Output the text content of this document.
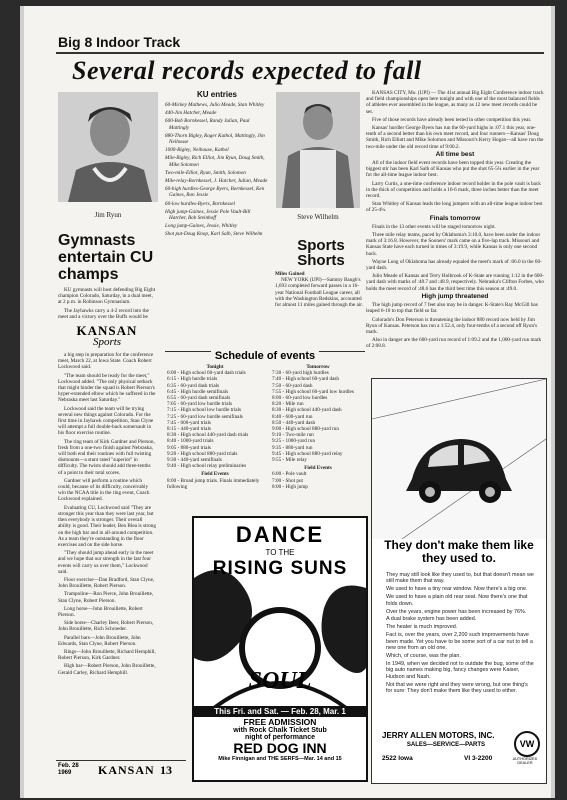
Big 8 Indoor Track
Several records expected to fall
Jim Ryun
KU entries
60-Mickey Mathews, Julio Meade, Stan Whitley
440-Jim Hatcher, Meade
600-Bob Bornkessel, Randy Julian, Paul Mattingly
880-Thorn Bigley, Roger Kathol, Mattingly, Jim Neihouse
1000-Bigley, Neihouse, Kathol
Mile-Bigley, Rich Elliot, Jim Ryun, Doug Smith, Mike Solomon
Two-mile-Elliot, Ryun, Smith, Solomon
Mile-relay-Bornkessel, J. Hatcher, Julian, Meade
60-high hurdles-George Byers, Bornkessel, Ken Gaines, Ron Jessie
60-low hurdles-Byers, Bornkessel
High jump-Gaines, Jessie Pole Vault-Bill Hatcher, Bob Steinhoff
Long jump-Gaines, Jessie, Whitley
Shot put-Doug Knop, Karl Salb, Steve Wilhelm
Steve Wilhelm

KANSAS CITY, Mo. (UPI) — The 41st annual Big Eight Conference indoor track and field championships open here tonight and with one of the most balanced fields of athletes ever assembled in the league, as many as 12 new meet records could be set.

Five of those records have already been tested in other competition this year.

Kansas' hurdler George Byers has run the 60-yard highs in :07.1 this year, one-tenth of a second better than his own meet record, and four runners—Kansas' Doug Smith, Rich Elliott and Mike Solomon and Missouri's Kerry Hogan—all have run the two-mile under the old record time of 9:00.2.

All time best

All of the indoor field event records have been topped this year. Creating the biggest stir has been Karl Salb of Kansas who put the shot 65-5¼ earlier in the year for the all-time league indoor best.

Larry Curtis, a one-time conference indoor record holder in the pole vault is back in the thick of competition and holds a 16-6 mark, three inches better than the meet record.

Stan Whitley of Kansas leads the long jumpers with an all-time league indoor best of 25-4¼.

Finals tomorrow

Finals in the 13 other events will be staged tomorrow night.

Three mile relay teams, paced by Oklahoma's 3:10.0, have been under the indoor mark of 3:16.8. However, the Sooners' mark came on a five-lap track. Missouri and Kansas State have each turned in times of 3:19.9, while Kansas is only one second back.

Wayne Long of Oklahoma has already equaled the meet's mark of :06.0 in the 60-yard dash.

Julio Meade of Kansas and Terry Holbrook of K-State are running 1:12 in the 600-yard dash with marks of :48.7 and :48.9, respectively. Nebraska's Clifton Forbes, who holds the meet record of :48.6 has the third best time this season at :49.0.

High jump threatened

The high jump record of 7 feet also may be in danger. K-State's Ray McGill has leaped 6-10 to top that field so far.

Colorado's Don Peterson is threatening the indoor 880 record now held by Jim Ryun of Kansas. Peterson has run a 1:52.4, only four-tenths of a second off Ryun's mark.

Also in danger are the 600-yard run record of 1:09.2 and the 1,000-yard run mark of 2:08.8.

Gymnasts entertain CU champs

KU gymnasts will host defending Big Eight champion Colorado, Saturday, in a dual meet, at 2 p.m. in Robinson Gymnasium.

The Jayhawks carry a 4-2 record into the meet and a victory over the Buffs would be

KANSAN
Sports

a big step in preparation for the conference meet, March 22, at Iowa State. Coach Robert Lockwood said.

"The team should be ready for the meet," Lockwood added. "The only physical setback that might hinder the squad is Robert Pierson's hyper-extended elbow which he suffered in the Nebraska meet last Saturday."

Lockwood said the team will be trying several new things against Colorado. For the first time in Jayhawk competition, Stan Clyne will attempt a full double-back somersault in his floor exercise routine.

The ring team of Kirk Gardner and Pierson, fresh from a one-two finish against Nebraska, will both end their routines with full twisting dismounts—a stunt rated "superior" in difficulty. The twists should add three-tenths of a point to their total scores.

Gardner will perform a routine which could, because of its difficulty, conceivably win the NCAA title in the ring event, Coach Lockwood explained.

Evaluating CU, Lockwood said "They are stronger this year than they were last year, but then everybody is stronger. Their overall ability is good. Their leader, Ben Blea is strong on the high bar and in all-around competition. As a team they're outstanding in the floor exercises and on the side horse.

"They should jump ahead early in the meet and we hope that our strength in the last four events will carry us over them," Lockwood said.

Floor exercise—Dan Bradford, Stan Clyne, John Brouillette, Robert Pierson.

Trampoline—Ron Pierce, John Brouillette, Stan Clyne, Robert Pierson.

Long horse—John Brouillette, Robert Pierson.

Side horse—Charley Beer, Robert Pierson, John Brouillette, Rich Schroeder.

Parallel bars—John Brouillette, John Edwards, Stan Clyne, Robert Pierson.

Rings—John Brouillette, Richard Hemphill, Robert Pierson, Kirk Gardner.

High bar—Robert Pierson, John Brouillette, Gerald Carley, Richard Hemphill.

Sports Shorts
Miles Gained

NEW YORK (UPI)—Sammy Baugh's 1,693 completed forward passes in a 16-year National Football League career, all with the Washington Redskins, accounted for almost 11 miles gained through the air.

Schedule of events
Tonight
6:00 - High school 60-yard dash trials
6:15 - High hurdle trials
6:35 - 60-yard dash trials
6:45 - High hurdle semifinals
6:55 - 60-yard dash semifinals
7:05 - 60-yard low hurdle trials
7:15 - High school low hurdle trials
7:25 - 60-yard low hurdle semifinals
7:45 - 600-yard trials
8:15 - 440-yard trials
8:30 - High school 440-yard dash trials
8:40 - 1000-yard trials
9:05 - 880-yard trials
9:20 - High school 880-yard trials
9:30 - 440-yard semifinals
9:40 - High school relay preliminaries
Field Events
8:00 - Broad jump trials. Finals immediately following
Tomorrow
7:30 - 60-yard high hurdles
7:40 - High school 60-yard dash
7:50 - 60-yard dash
7:55 - High school 60-yard low hurdles
8:00 - 60-yard low hurdles
8:20 - Mile run
8:30 - High school 440-yard dash
8:40 - 600-yard run
8:50 - 440-yard dash
9:00 - High school 880-yard run
9:10 - Two-mile run
9:25 - 1000-yard run
9:35 - 880-yard run
9:45 - High school 880-yard relay
9:55 - Mile relay
Field Events
6:00 - Pole vault
7:00 - Shot put
8:00 - High jump
DANCE
TO THE
RISING SUNS
SOUL
This Fri. and Sat. — Feb. 28, Mar. 1
FREE ADMISSION
with Rock Chalk Ticket Stub
night of performance
RED DOG INN
Mike Finnigan and THE SERFS—Mar. 14 and 15
They don't make them like they used to.
They may still look like they used to, but that doesn't mean we still make them that way.
We used to have a tiny rear window. Now there's a big one.
We used to have a plain old rear seat. Now there's one that folds down.
Over the years, engine power has been increased by 76%.
A dual brake system has been added.
The heater is much improved.
Fact is, over the years, over 2,200 such improvements have been made. Yet you have to be some sort of a car nut to tell a new one from an old one.
Which, of course, was the plan.
In 1949, when we decided not to outdate the bug, some of the big auto names making big, fancy changes were Kaiser, Hudson and Nash.
Not that we were right and they were wrong, but one thing's for sure: They don't make them like they used to either.
JERRY ALLEN MOTORS, INC.
SALES—SERVICE—PARTS
2522 Iowa	VI 3-2200
VW
AUTHORIZED DEALER
Feb. 28 1969	KANSAN 13
